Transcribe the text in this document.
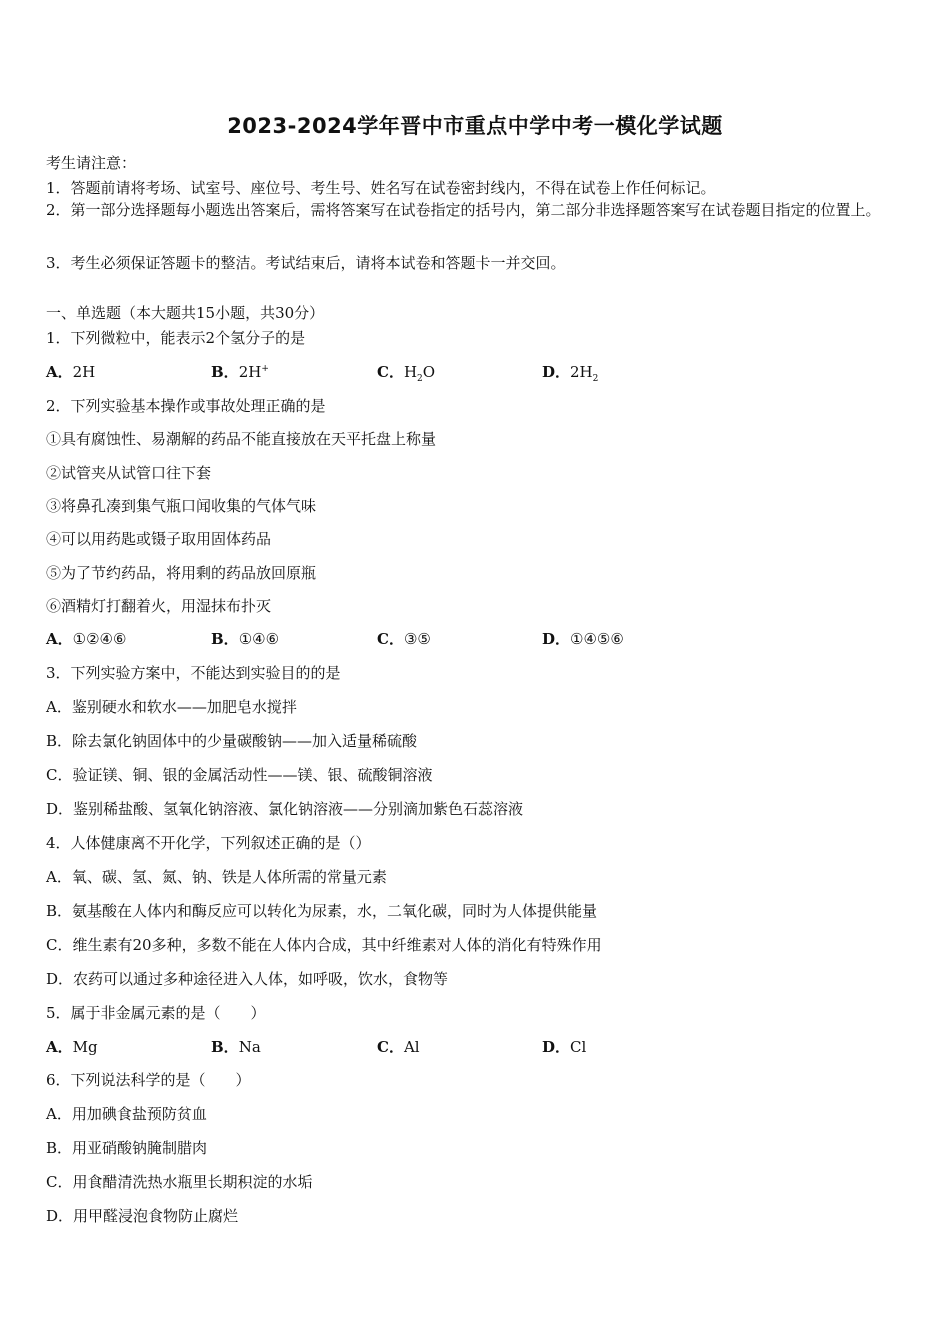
2023-2024学年晋中市重点中学中考一模化学试题
考生请注意：
1．答题前请将考场、试室号、座位号、考生号、姓名写在试卷密封线内，不得在试卷上作任何标记。
2．第一部分选择题每小题选出答案后，需将答案写在试卷指定的括号内，第二部分非选择题答案写在试卷题目指定的位置上。
3．考生必须保证答题卡的整洁。考试结束后，请将本试卷和答题卡一并交回。
一、单选题（本大题共15小题，共30分）
1．下列微粒中，能表示2个氢分子的是
A．2H	B．2H+	C．$H_2O$	D．$2H_2$
2．下列实验基本操作或事故处理正确的是
①具有腐蚀性、易潮解的药品不能直接放在天平托盘上称量
②试管夹从试管口往下套
③将鼻孔凑到集气瓶口闻收集的气体气味
④可以用药匙或镊子取用固体药品
⑤为了节约药品，将用剩的药品放回原瓶
⑥酒精灯打翻着火，用湿抹布扑灭
A．①②④⑥	B．①④⑥	C．③⑤	D．①④⑤⑥
3．下列实验方案中，不能达到实验目的的是
A．鉴别硬水和软水——加肥皂水搅拌
B．除去氯化钠固体中的少量碳酸钠——加入适量稀硫酸
C．验证镁、铜、银的金属活动性——镁、银、硫酸铜溶液
D．鉴别稀盐酸、氢氧化钠溶液、氯化钠溶液——分别滴加紫色石蕊溶液
4．人体健康离不开化学，下列叙述正确的是（）
A．氧、碳、氢、氮、钠、铁是人体所需的常量元素
B．氨基酸在人体内和酶反应可以转化为尿素，水，二氧化碳，同时为人体提供能量
C．维生素有20多种，多数不能在人体内合成，其中纤维素对人体的消化有特殊作用
D．农药可以通过多种途径进入人体，如呼吸，饮水，食物等
5．属于非金属元素的是（　　）
A．Mg	B．Na	C．Al	D．Cl
6．下列说法科学的是（　　）
A．用加碘食盐预防贫血
B．用亚硝酸钠腌制腊肉
C．用食醋清洗热水瓶里长期积淀的水垢
D．用甲醛浸泡食物防止腐烂
